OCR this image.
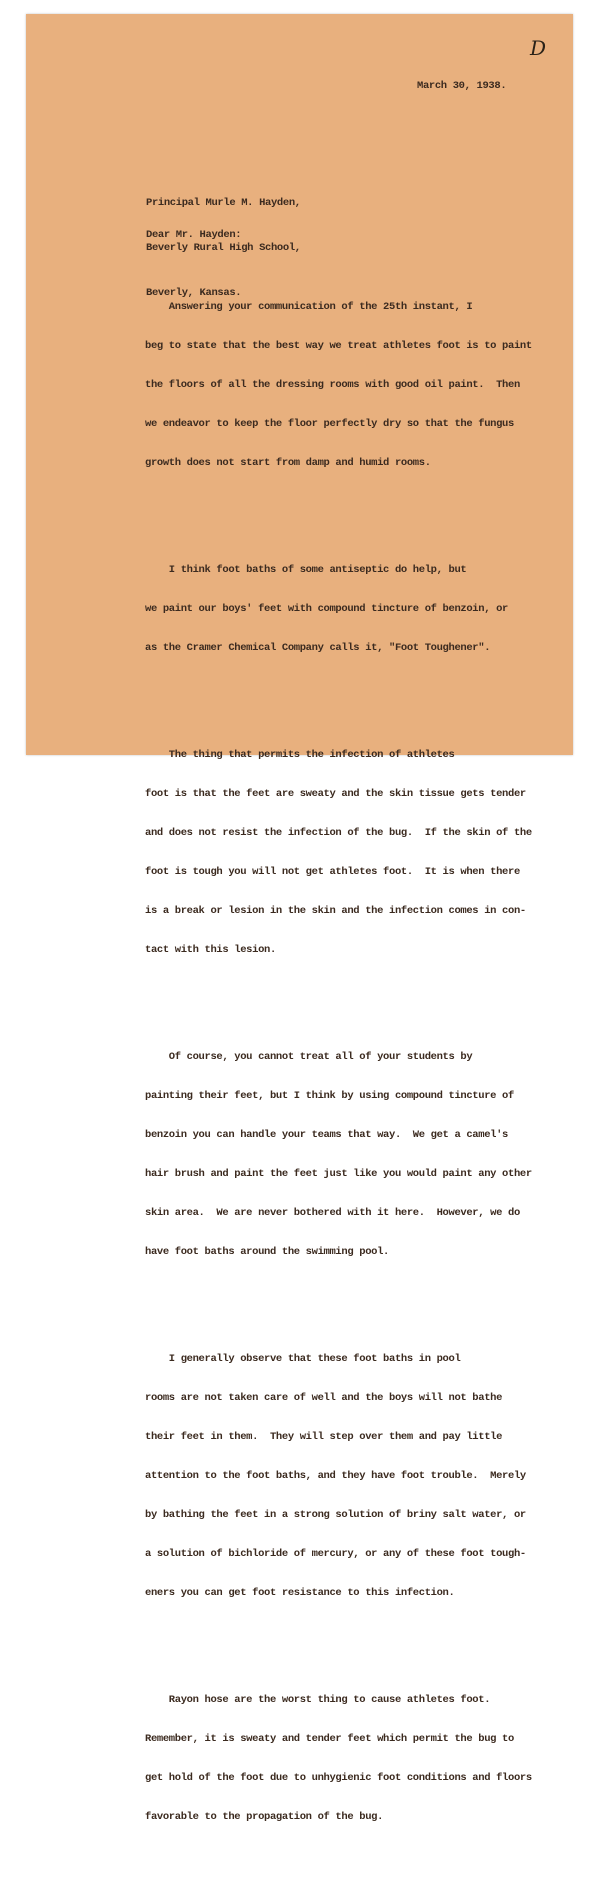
D
March 30, 1938.

Principal Murle M. Hayden,

Beverly Rural High School,

Beverly, Kansas.

Dear Mr. Hayden:

Answering your communication of the 25th instant, I

beg to state that the best way we treat athletes foot is to paint

the floors of all the dressing rooms with good oil paint.  Then

we endeavor to keep the floor perfectly dry so that the fungus

growth does not start from damp and humid rooms.

I think foot baths of some antiseptic do help, but

we paint our boys' feet with compound tincture of benzoin, or

as the Cramer Chemical Company calls it, "Foot Toughener".

The thing that permits the infection of athletes

foot is that the feet are sweaty and the skin tissue gets tender

and does not resist the infection of the bug.  If the skin of the

foot is tough you will not get athletes foot.  It is when there

is a break or lesion in the skin and the infection comes in con-

tact with this lesion.

Of course, you cannot treat all of your students by

painting their feet, but I think by using compound tincture of

benzoin you can handle your teams that way.  We get a camel's

hair brush and paint the feet just like you would paint any other

skin area.  We are never bothered with it here.  However, we do

have foot baths around the swimming pool.

I generally observe that these foot baths in pool

rooms are not taken care of well and the boys will not bathe

their feet in them.  They will step over them and pay little

attention to the foot baths, and they have foot trouble.  Merely

by bathing the feet in a strong solution of briny salt water, or

a solution of bichloride of mercury, or any of these foot tough-

eners you can get foot resistance to this infection.

Rayon hose are the worst thing to cause athletes foot.

Remember, it is sweaty and tender feet which permit the bug to

get hold of the foot due to unhygienic foot conditions and floors

favorable to the propagation of the bug.
